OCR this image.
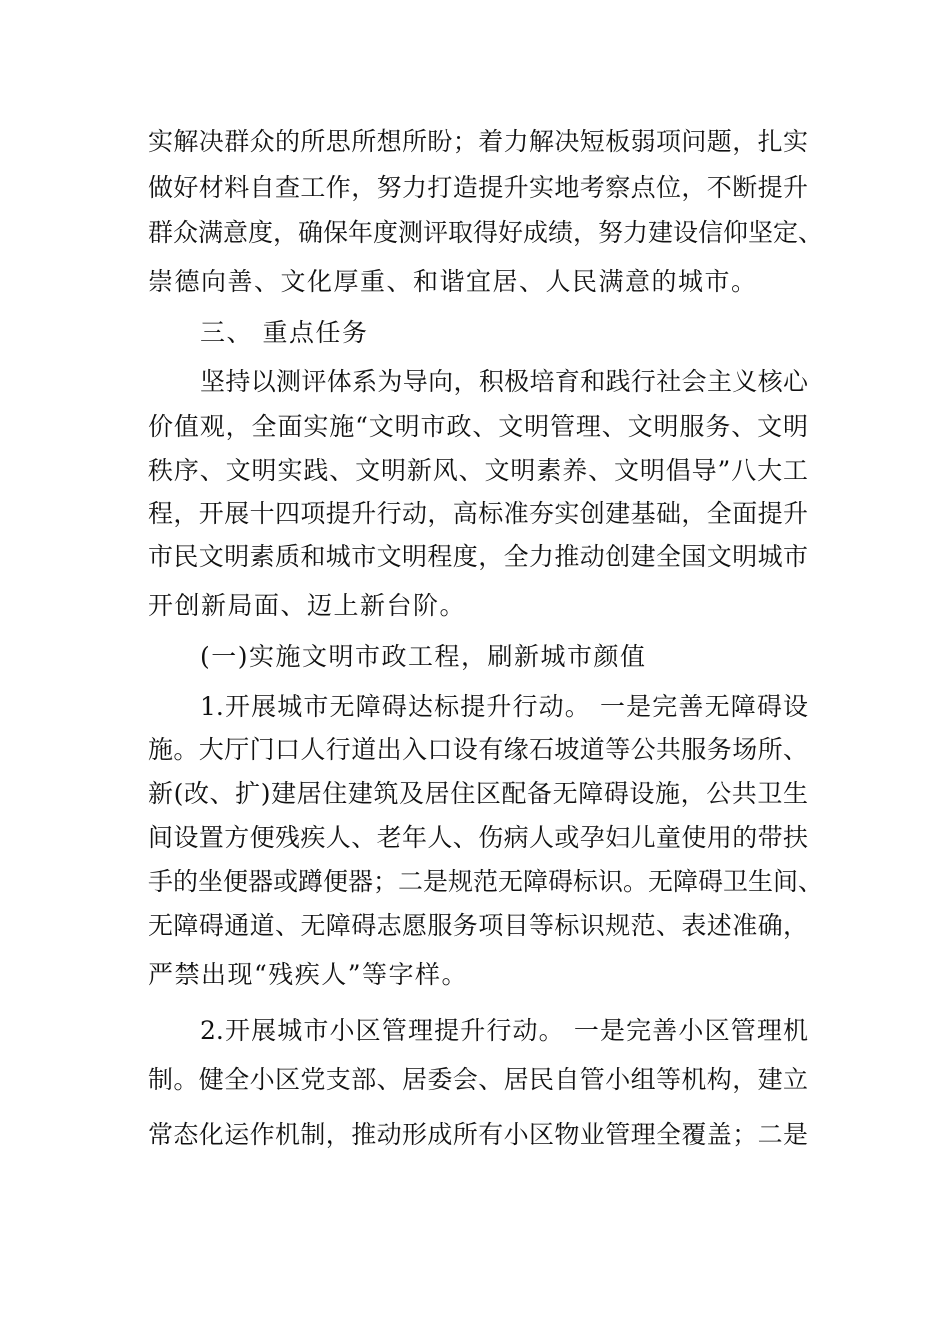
实解决群众的所思所想所盼；着力解决短板弱项问题，扎实
做好材料自查工作，努力打造提升实地考察点位，不断提升
群众满意度，确保年度测评取得好成绩，努力建设信仰坚定、
崇德向善、文化厚重、和谐宜居、人民满意的城市。
三、 重点任务
坚持以测评体系为导向，积极培育和践行社会主义核心
价值观，全面实施“文明市政、文明管理、文明服务、文明
秩序、文明实践、文明新风、文明素养、文明倡导”八大工
程，开展十四项提升行动，高标准夯实创建基础，全面提升
市民文明素质和城市文明程度，全力推动创建全国文明城市
开创新局面、迈上新台阶。
(一)实施文明市政工程，刷新城市颜值
1.开展城市无障碍达标提升行动。 一是完善无障碍设
施。大厅门口人行道出入口设有缘石坡道等公共服务场所、
新(改、扩)建居住建筑及居住区配备无障碍设施，公共卫生
间设置方便残疾人、老年人、伤病人或孕妇儿童使用的带扶
手的坐便器或蹲便器；二是规范无障碍标识。无障碍卫生间、
无障碍通道、无障碍志愿服务项目等标识规范、表述准确，
严禁出现“残疾人”等字样。
2.开展城市小区管理提升行动。 一是完善小区管理机
制。健全小区党支部、居委会、居民自管小组等机构，建立
常态化运作机制，推动形成所有小区物业管理全覆盖；二是
